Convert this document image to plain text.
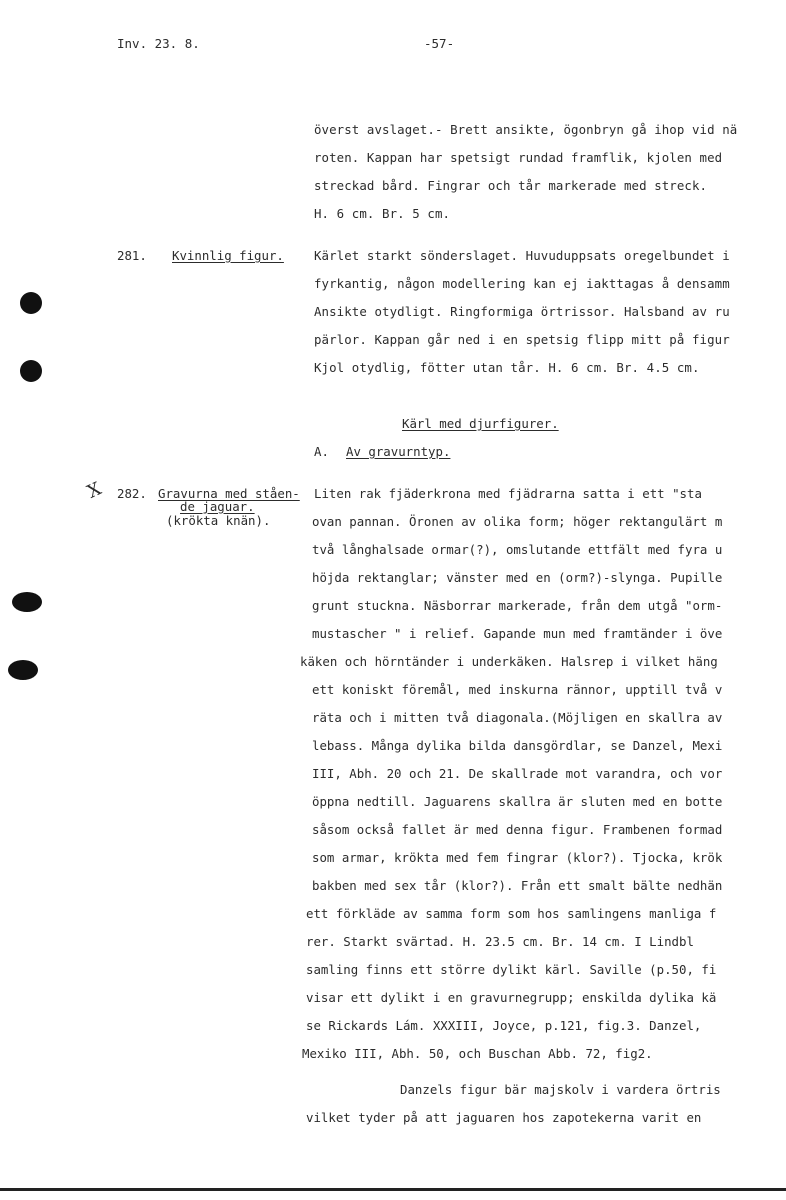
Inv. 23. 8.	-57-
överst avslaget.- Brett ansikte, ögonbryn gå ihop vid nä
roten. Kappan har spetsigt rundad framflik, kjolen med
streckad bård. Fingrar och tår markerade med streck.
H. 6 cm. Br. 5 cm.
281. Kvinnlig figur. Kärlet starkt sönderslaget. Huvuduppsats oregelbundet i
fyrkantig, någon modellering kan ej iakttagas å densamm
Ansikte otydligt. Ringformiga örtrissor. Halsband av ru
pärlor. Kappan går ned i en spetsig flipp mitt på figur
Kjol otydlig, fötter utan tår. H. 6 cm. Br. 4.5 cm.
Kärl med djurfigurer.
A. Av gravurntyp.
X 282. Gravurna med ståen-
de jaguar.
(krökta knän).
Liten rak fjäderkrona med fjädrarna satta i ett "sta
ovan pannan. Öronen av olika form; höger rektangulärt m
två långhalsade ormar(?), omslutande ettfält med fyra u
höjda rektanglar; vänster med en (orm?)-slynga. Pupille
grunt stuckna. Näsborrar markerade, från dem utgå "orm-
mustascher " i relief. Gapande mun med framtänder i öve
käken och hörntänder i underkäken. Halsrep i vilket häng
ett koniskt föremål, med inskurna rännor, upptill två v
räta och i mitten två diagonala.(Möjligen en skallra av
lebass. Många dylika bilda dansgördlar, se Danzel, Mexi
III, Abh. 20 och 21. De skallrade mot varandra, och vor
öppna nedtill. Jaguarens skallra är sluten med en botte
såsom också fallet är med denna figur. Frambenen formad
som armar, krökta med fem fingrar (klor?). Tjocka, krök
bakben med sex tår (klor?). Från ett smalt bälte nedhän
ett förkläde av samma form som hos samlingens manliga f
rer. Starkt svärtad. H. 23.5 cm. Br. 14 cm. I Lindbl
samling finns ett större dylikt kärl. Saville (p.50, fi
visar ett dylikt i en gravurnegrupp; enskilda dylika kä
se Rickards Lám. XXXIII, Joyce, p.121, fig.3. Danzel,
Mexiko III, Abh. 50, och Buschan Abb. 72, fig2.
Danzels figur bär majskolv i vardera örtris
vilket tyder på att jaguaren hos zapotekerna varit en
